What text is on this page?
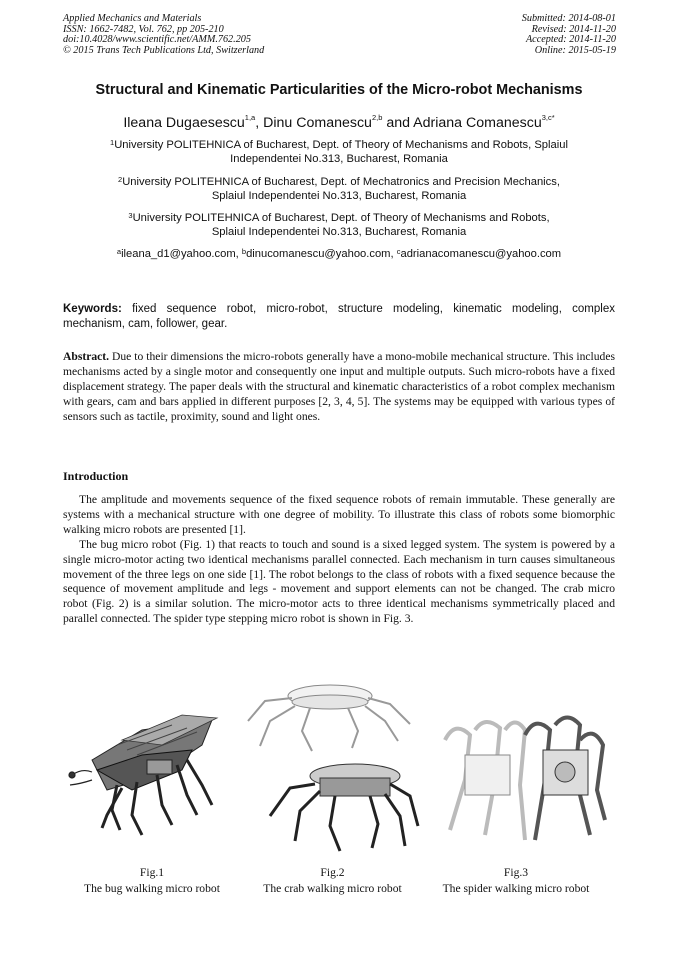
Applied Mechanics and Materials
ISSN: 1662-7482, Vol. 762, pp 205-210
doi:10.4028/www.scientific.net/AMM.762.205
© 2015 Trans Tech Publications Ltd, Switzerland
Submitted: 2014-08-01
Revised: 2014-11-20
Accepted: 2014-11-20
Online: 2015-05-19
Structural and Kinematic Particularities of the Micro-robot Mechanisms
Ileana Dugaesescu$^{1,a}$, Dinu Comanescu$^{2,b}$ and Adriana Comanescu$^{3,c*}$
$^1$University POLITEHNICA of Bucharest, Dept. of Theory of Mechanisms and Robots, Splaiul
Independentei No.313, Bucharest, Romania
$^2$University POLITEHNICA of Bucharest, Dept. of Mechatronics and Precision Mechanics,
Splaiul Independentei No.313, Bucharest, Romania
$^3$University POLITEHNICA of Bucharest, Dept. of Theory of Mechanisms and Robots,
Splaiul Independentei No.313, Bucharest, Romania
$^a$ileana_d1@yahoo.com, $^b$dinucomanescu@yahoo.com, $^c$adrianacomanescu@yahoo.com
Keywords: fixed sequence robot, micro-robot, structure modeling, kinematic modeling, complex mechanism, cam, follower, gear.
Abstract. Due to their dimensions the micro-robots generally have a mono-mobile mechanical structure. This includes mechanisms acted by a single motor and consequently one input and multiple outputs. Such micro-robots have a fixed displacement strategy. The paper deals with the structural and kinematic characteristics of a robot complex mechanism with gears, cam and bars applied in different purposes [2, 3, 4, 5]. The systems may be equipped with various types of sensors such as tactile, proximity, sound and light ones.
Introduction

The amplitude and movements sequence of the fixed sequence robots of remain immutable. These generally are systems with a mechanical structure with one degree of mobility. To illustrate this class of robots some biomorphic walking micro robots are presented [1].

The bug micro robot (Fig. 1) that reacts to touch and sound is a sixed legged system. The system is powered by a single micro-motor acting two identical mechanisms parallel connected. Each mechanism in turn causes simultaneous movement of the three legs on one side [1]. The robot belongs to the class of robots with a fixed sequence because the sequence of movement amplitude and legs - movement and support elements can not be changed. The crab micro robot (Fig. 2) is a similar solution. The micro-motor acts to three identical mechanisms symmetrically placed and parallel connected. The spider type stepping micro robot is shown in Fig. 3.

Fig.1
The bug walking micro robot
Fig.2
The crab walking micro robot
Fig.3
The spider walking micro robot
